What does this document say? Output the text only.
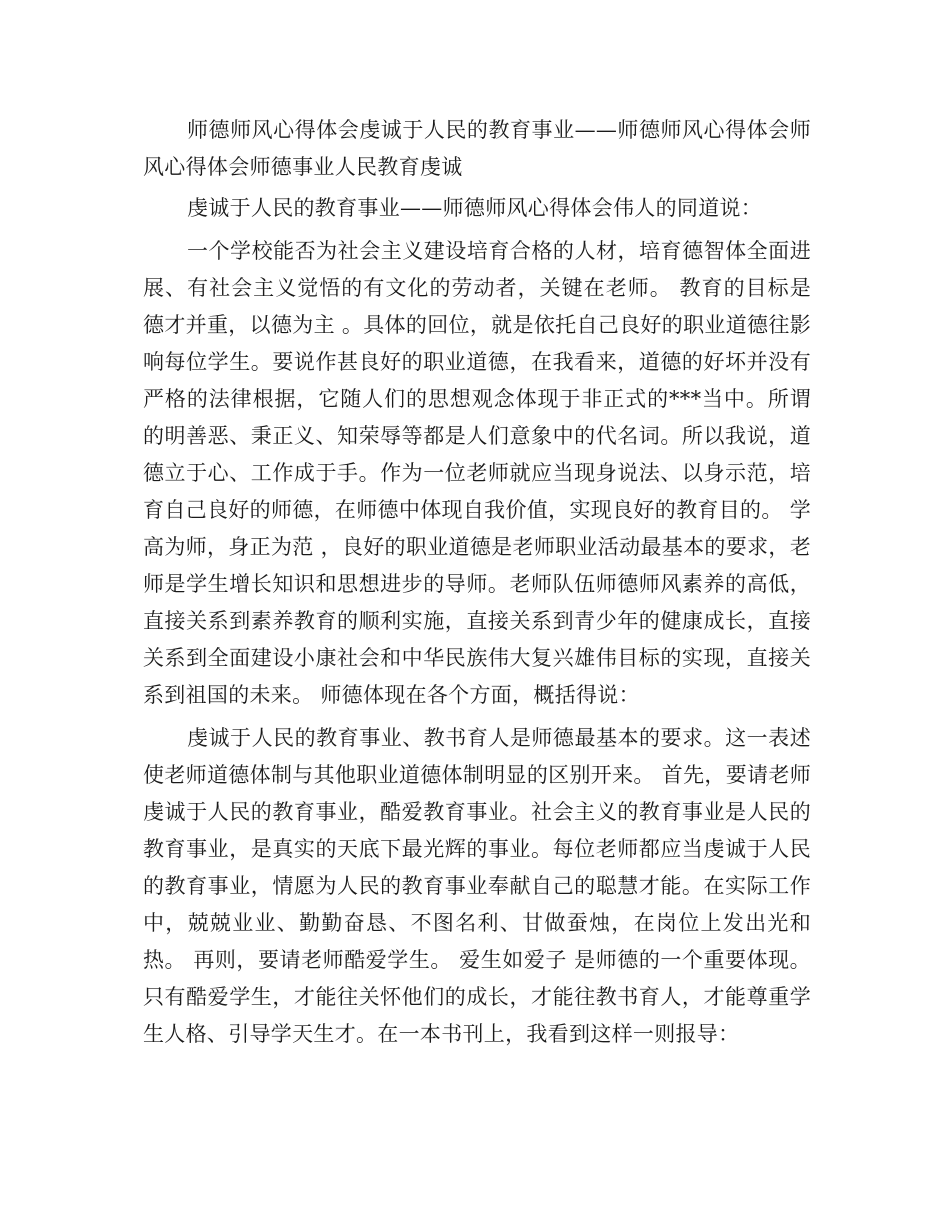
师德师风心得体会虔诚于人民的教育事业——师德师风心得体会师风心得体会师德事业人民教育虔诚

虔诚于人民的教育事业——师德师风心得体会伟人的同道说：

一个学校能否为社会主义建设培育合格的人材，培育德智体全面进展、有社会主义觉悟的有文化的劳动者，关键在老师。 教育的目标是 德才并重，以德为主 。具体的回位，就是依托自己良好的职业道德往影响每位学生。要说作甚良好的职业道德，在我看来，道德的好坏并没有严格的法律根据，它随人们的思想观念体现于非正式的***当中。所谓的明善恶、秉正义、知荣辱等都是人们意象中的代名词。所以我说，道德立于心、工作成于手。作为一位老师就应当现身说法、以身示范，培育自己良好的师德，在师德中体现自我价值，实现良好的教育目的。 学高为师，身正为范 ，良好的职业道德是老师职业活动最基本的要求，老师是学生增长知识和思想进步的导师。老师队伍师德师风素养的高低，直接关系到素养教育的顺利实施，直接关系到青少年的健康成长，直接关系到全面建设小康社会和中华民族伟大复兴雄伟目标的实现，直接关系到祖国的未来。 师德体现在各个方面，概括得说：

虔诚于人民的教育事业、教书育人是师德最基本的要求。这一表述使老师道德体制与其他职业道德体制明显的区别开来。 首先，要请老师虔诚于人民的教育事业，酷爱教育事业。社会主义的教育事业是人民的教育事业，是真实的天底下最光辉的事业。每位老师都应当虔诚于人民的教育事业，情愿为人民的教育事业奉献自己的聪慧才能。在实际工作中，兢兢业业、勤勤奋恳、不图名利、甘做蚕烛，在岗位上发出光和热。 再则，要请老师酷爱学生。 爱生如爱子 是师德的一个重要体现。只有酷爱学生，才能往关怀他们的成长，才能往教书育人，才能尊重学生人格、引导学天生才。在一本书刊上，我看到这样一则报导：
